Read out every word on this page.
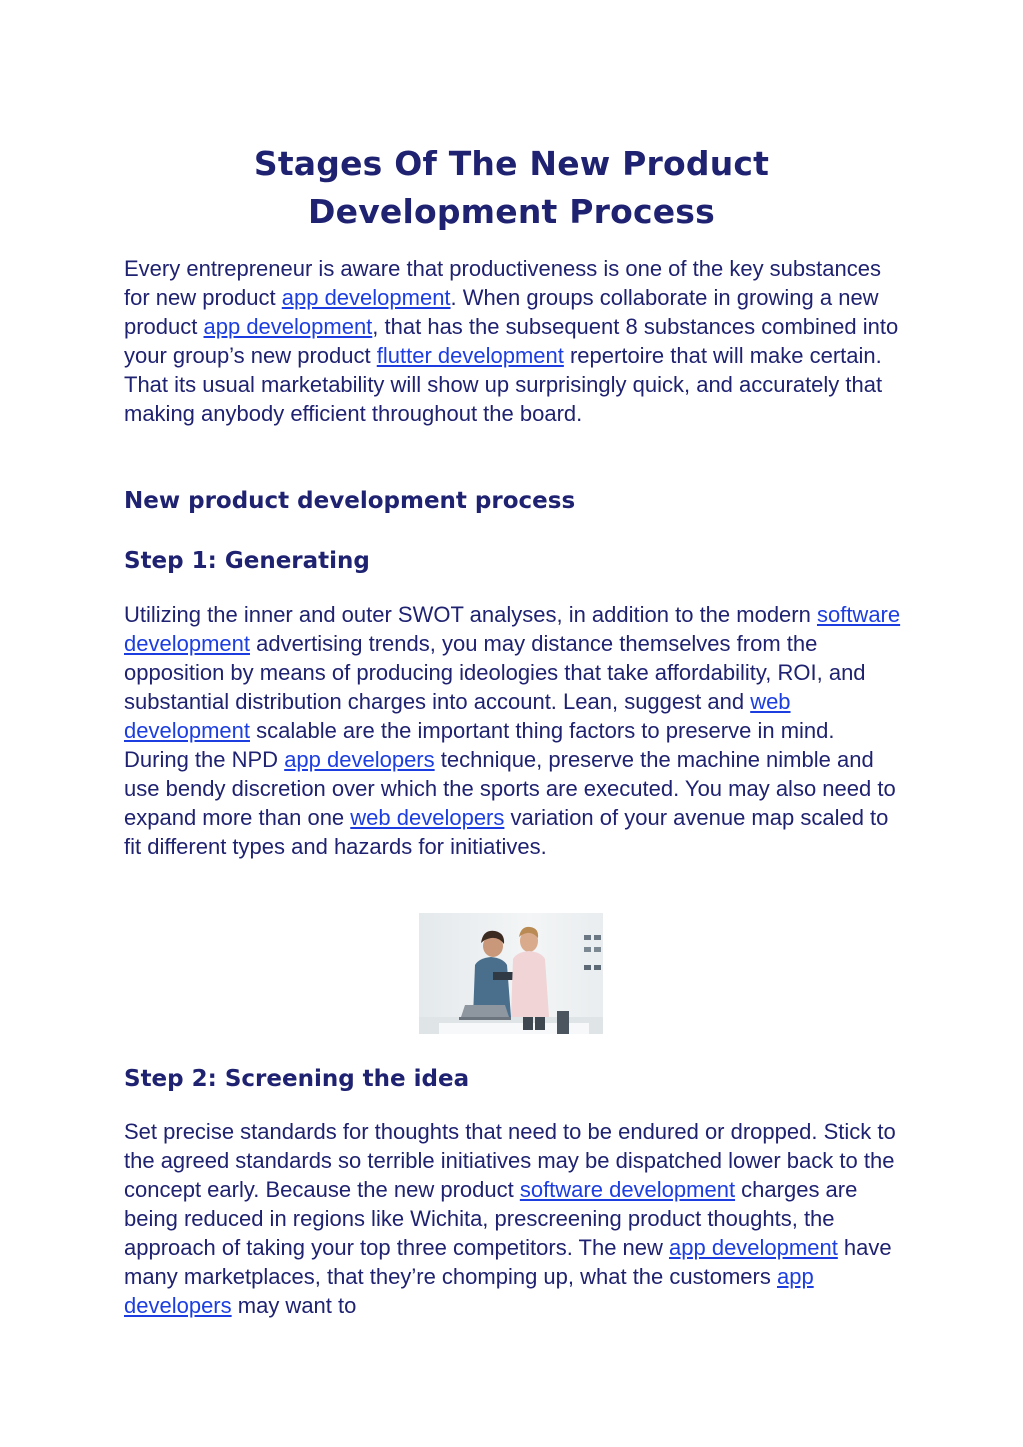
Stages Of The New Product Development Process

Every entrepreneur is aware that productiveness is one of the key substances for new product app development. When groups collaborate in growing a new product app development, that has the subsequent 8 substances combined into your group’s new product flutter development repertoire that will make certain. That its usual marketability will show up surprisingly quick, and accurately that making anybody efficient throughout the board.

New product development process
Step 1: Generating

Utilizing the inner and outer SWOT analyses, in addition to the modern software development advertising trends, you may distance themselves from the opposition by means of producing ideologies that take affordability, ROI, and substantial distribution charges into account. Lean, suggest and web development scalable are the important thing factors to preserve in mind. During the NPD app developers technique, preserve the machine nimble and use bendy discretion over which the sports are executed. You may also need to expand more than one web developers variation of your avenue map scaled to fit different types and hazards for initiatives.

Step 2: Screening the idea

Set precise standards for thoughts that need to be endured or dropped. Stick to the agreed standards so terrible initiatives may be dispatched lower back to the concept early. Because the new product software development charges are being reduced in regions like Wichita, prescreening product thoughts, the approach of taking your top three competitors. The new app development have many marketplaces, that they’re chomping up, what the customers app developers may want to
